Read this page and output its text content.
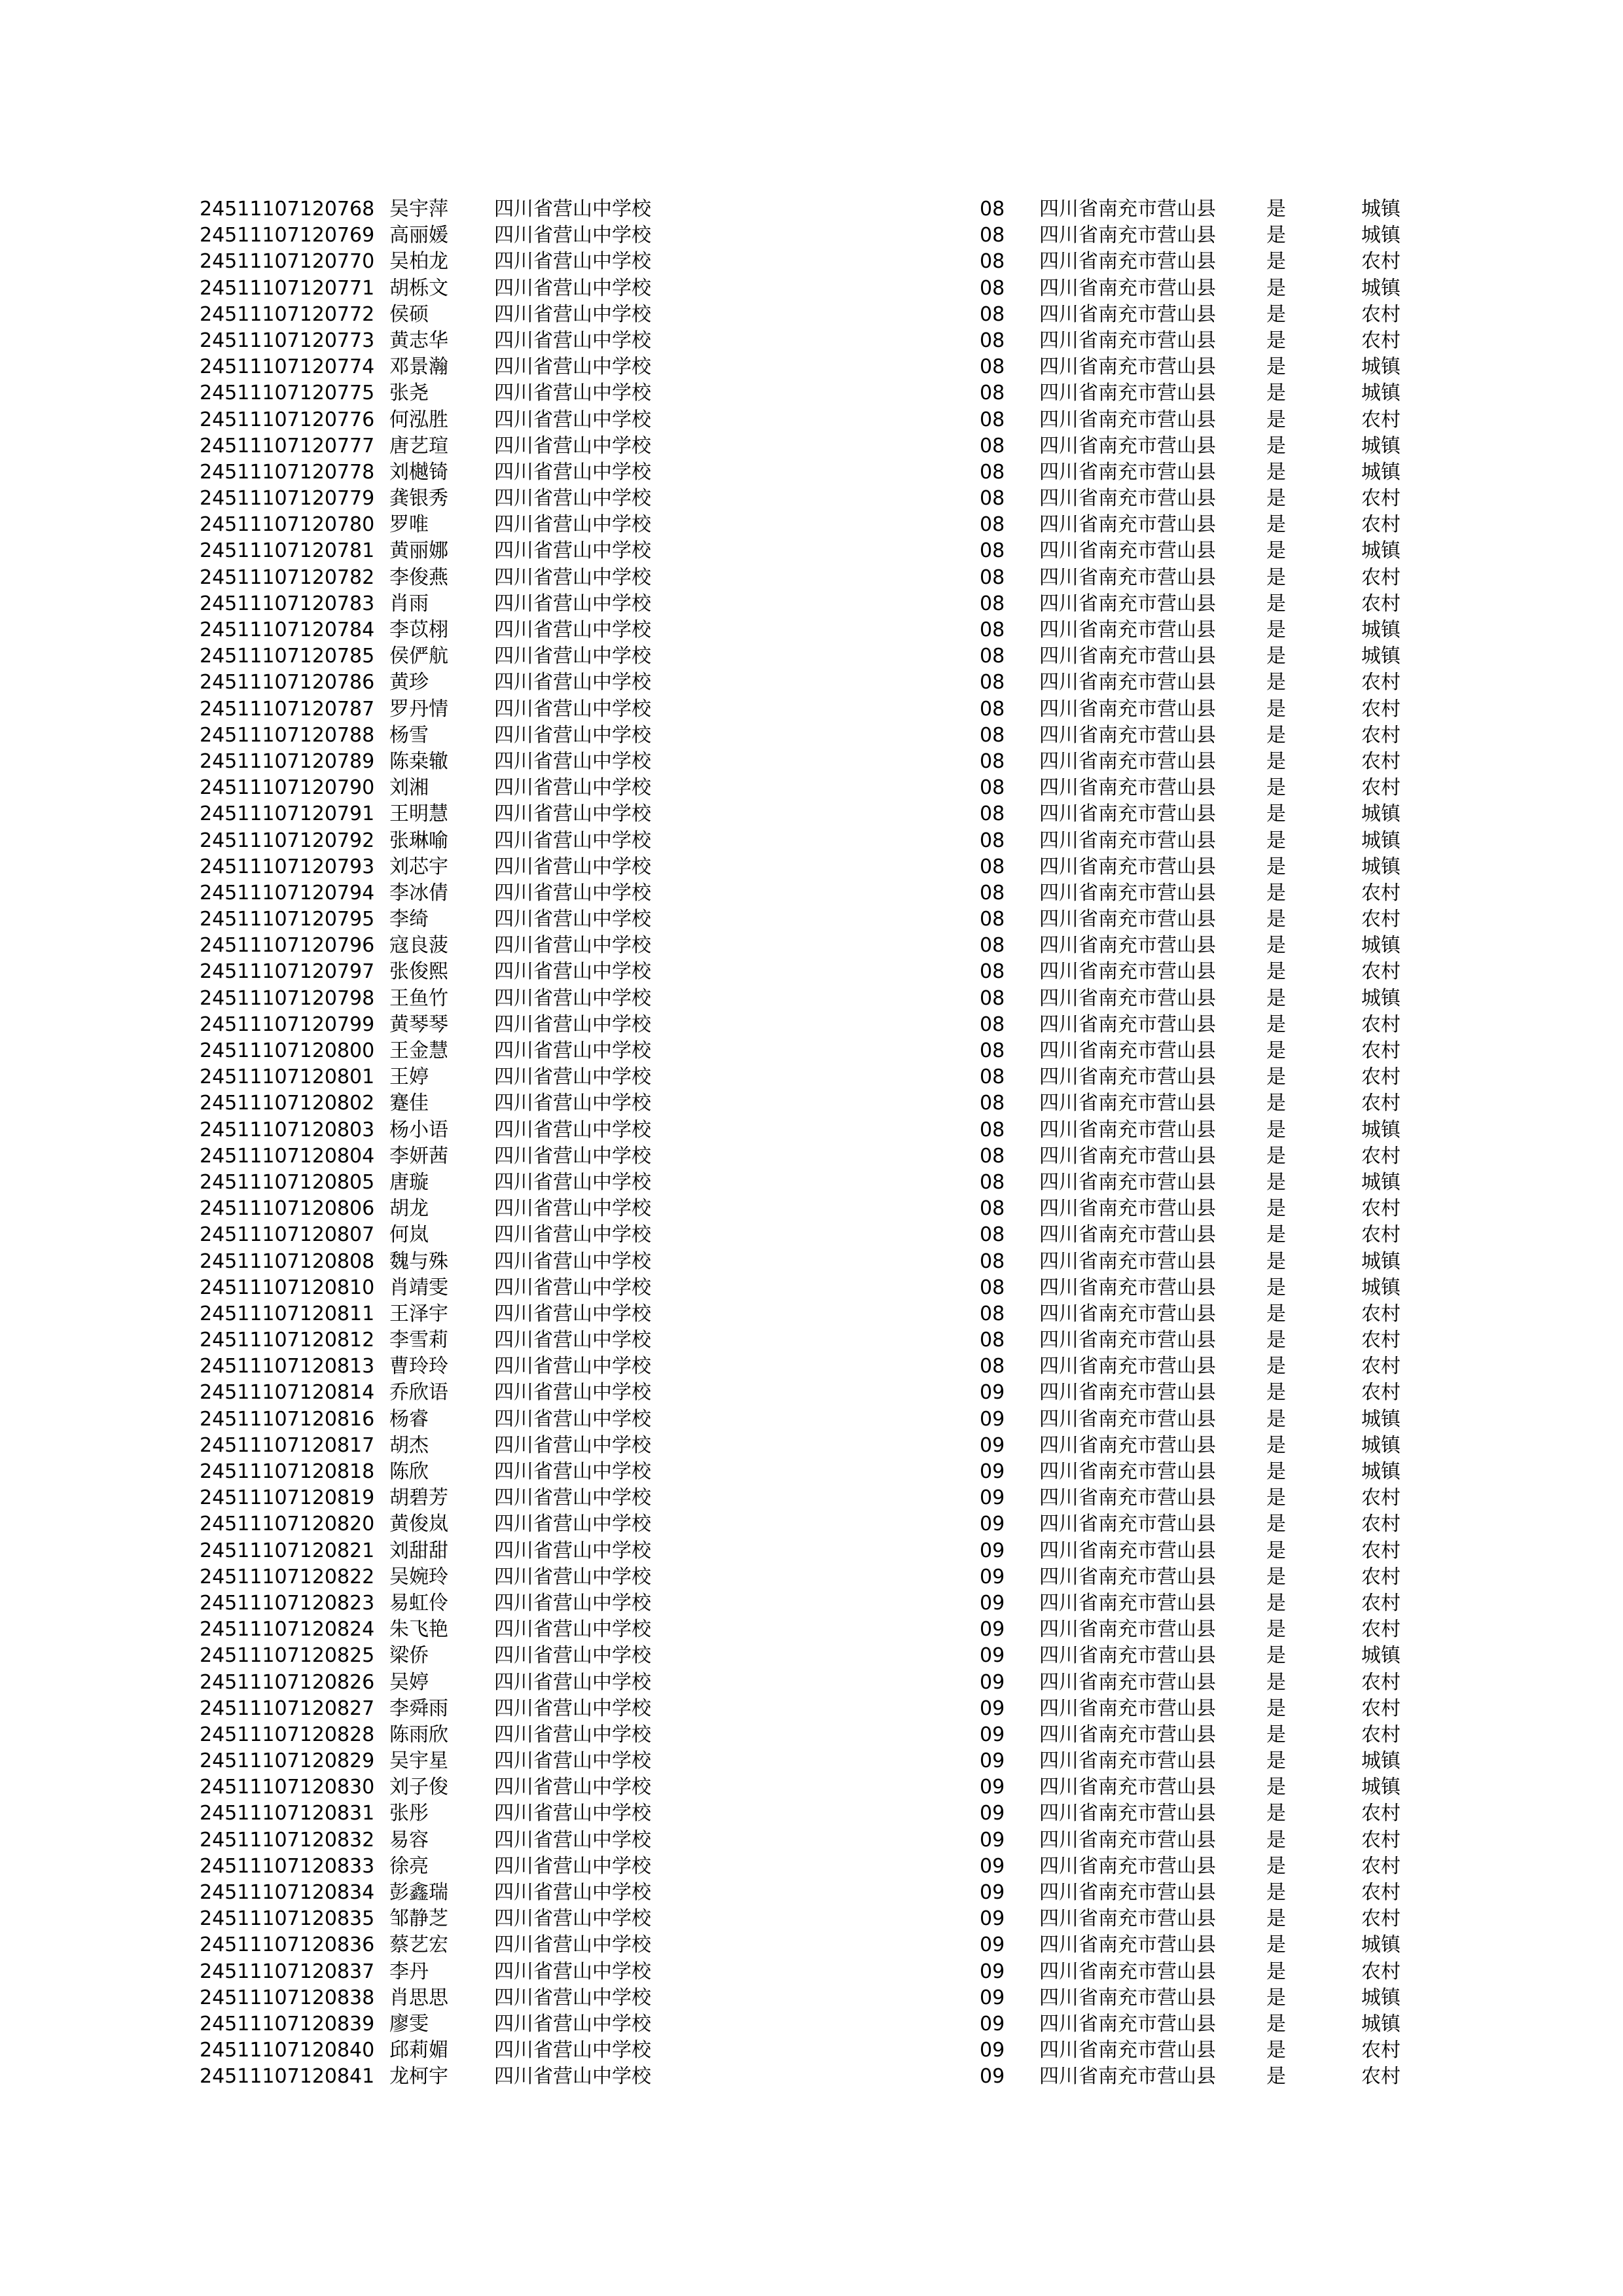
24511107120768 吴宇萍 四川省营山中学校	08 四川省南充市营山县	是	城镇
24511107120769 高丽媛 四川省营山中学校	08 四川省南充市营山县	是	城镇
24511107120770 吴柏龙 四川省营山中学校	08 四川省南充市营山县	是	农村
24511107120771 胡栎文 四川省营山中学校	08 四川省南充市营山县	是	城镇
24511107120772 侯硕	四川省营山中学校	08 四川省南充市营山县	是	农村
24511107120773 黄志华 四川省营山中学校	08 四川省南充市营山县	是	农村
24511107120774 邓景瀚 四川省营山中学校	08 四川省南充市营山县	是	城镇
24511107120775 张尧	四川省营山中学校	08 四川省南充市营山县	是	城镇
24511107120776 何泓胜 四川省营山中学校	08 四川省南充市营山县	是	农村
24511107120777 唐艺瑄 四川省营山中学校	08 四川省南充市营山县	是	城镇
24511107120778 刘樾锜 四川省营山中学校	08 四川省南充市营山县	是	城镇
24511107120779 龚银秀 四川省营山中学校	08 四川省南充市营山县	是	农村
24511107120780 罗唯	四川省营山中学校	08 四川省南充市营山县	是	农村
24511107120781 黄丽娜 四川省营山中学校	08 四川省南充市营山县	是	城镇
24511107120782 李俊燕 四川省营山中学校	08 四川省南充市营山县	是	农村
24511107120783 肖雨	四川省营山中学校	08 四川省南充市营山县	是	农村
24511107120784 李苡栩 四川省营山中学校	08 四川省南充市营山县	是	城镇
24511107120785 侯俨航 四川省营山中学校	08 四川省南充市营山县	是	城镇
24511107120786 黄珍	四川省营山中学校	08 四川省南充市营山县	是	农村
24511107120787 罗丹情 四川省营山中学校	08 四川省南充市营山县	是	农村
24511107120788 杨雪	四川省营山中学校	08 四川省南充市营山县	是	农村
24511107120789 陈桒辙 四川省营山中学校	08 四川省南充市营山县	是	农村
24511107120790 刘湘	四川省营山中学校	08 四川省南充市营山县	是	农村
24511107120791 王明慧 四川省营山中学校	08 四川省南充市营山县	是	城镇
24511107120792 张琳喻 四川省营山中学校	08 四川省南充市营山县	是	城镇
24511107120793 刘芯宇 四川省营山中学校	08 四川省南充市营山县	是	城镇
24511107120794 李冰倩 四川省营山中学校	08 四川省南充市营山县	是	农村
24511107120795 李绮	四川省营山中学校	08 四川省南充市营山县	是	农村
24511107120796 寇良菠 四川省营山中学校	08 四川省南充市营山县	是	城镇
24511107120797 张俊熙 四川省营山中学校	08 四川省南充市营山县	是	农村
24511107120798 王鱼竹 四川省营山中学校	08 四川省南充市营山县	是	城镇
24511107120799 黄琴琴 四川省营山中学校	08 四川省南充市营山县	是	农村
24511107120800 王金慧 四川省营山中学校	08 四川省南充市营山县	是	农村
24511107120801 王婷	四川省营山中学校	08 四川省南充市营山县	是	农村
24511107120802 蹇佳	四川省营山中学校	08 四川省南充市营山县	是	农村
24511107120803 杨小语 四川省营山中学校	08 四川省南充市营山县	是	城镇
24511107120804 李妍茜 四川省营山中学校	08 四川省南充市营山县	是	农村
24511107120805 唐璇	四川省营山中学校	08 四川省南充市营山县	是	城镇
24511107120806 胡龙	四川省营山中学校	08 四川省南充市营山县	是	农村
24511107120807 何岚	四川省营山中学校	08 四川省南充市营山县	是	农村
24511107120808 魏与殊 四川省营山中学校	08 四川省南充市营山县	是	城镇
24511107120810 肖靖雯 四川省营山中学校	08 四川省南充市营山县	是	城镇
24511107120811 王泽宇 四川省营山中学校	08 四川省南充市营山县	是	农村
24511107120812 李雪莉 四川省营山中学校	08 四川省南充市营山县	是	农村
24511107120813 曹玲玲 四川省营山中学校	08 四川省南充市营山县	是	农村
24511107120814 乔欣语 四川省营山中学校	09 四川省南充市营山县	是	农村
24511107120816 杨睿	四川省营山中学校	09 四川省南充市营山县	是	城镇
24511107120817 胡杰	四川省营山中学校	09 四川省南充市营山县	是	城镇
24511107120818 陈欣	四川省营山中学校	09 四川省南充市营山县	是	城镇
24511107120819 胡碧芳 四川省营山中学校	09 四川省南充市营山县	是	农村
24511107120820 黄俊岚 四川省营山中学校	09 四川省南充市营山县	是	农村
24511107120821 刘甜甜 四川省营山中学校	09 四川省南充市营山县	是	农村
24511107120822 吴婉玲 四川省营山中学校	09 四川省南充市营山县	是	农村
24511107120823 易虹伶 四川省营山中学校	09 四川省南充市营山县	是	农村
24511107120824 朱飞艳 四川省营山中学校	09 四川省南充市营山县	是	农村
24511107120825 梁侨	四川省营山中学校	09 四川省南充市营山县	是	城镇
24511107120826 吴婷	四川省营山中学校	09 四川省南充市营山县	是	农村
24511107120827 李舜雨 四川省营山中学校	09 四川省南充市营山县	是	农村
24511107120828 陈雨欣 四川省营山中学校	09 四川省南充市营山县	是	农村
24511107120829 吴宇星 四川省营山中学校	09 四川省南充市营山县	是	城镇
24511107120830 刘子俊 四川省营山中学校	09 四川省南充市营山县	是	城镇
24511107120831 张彤	四川省营山中学校	09 四川省南充市营山县	是	农村
24511107120832 易容	四川省营山中学校	09 四川省南充市营山县	是	农村
24511107120833 徐亮	四川省营山中学校	09 四川省南充市营山县	是	农村
24511107120834 彭鑫瑞 四川省营山中学校	09 四川省南充市营山县	是	农村
24511107120835 邹静芝 四川省营山中学校	09 四川省南充市营山县	是	农村
24511107120836 蔡艺宏 四川省营山中学校	09 四川省南充市营山县	是	城镇
24511107120837 李丹	四川省营山中学校	09 四川省南充市营山县	是	农村
24511107120838 肖思思 四川省营山中学校	09 四川省南充市营山县	是	城镇
24511107120839 廖雯	四川省营山中学校	09 四川省南充市营山县	是	城镇
24511107120840 邱莉媚 四川省营山中学校	09 四川省南充市营山县	是	农村
24511107120841 龙柯宇 四川省营山中学校	09 四川省南充市营山县	是	农村
